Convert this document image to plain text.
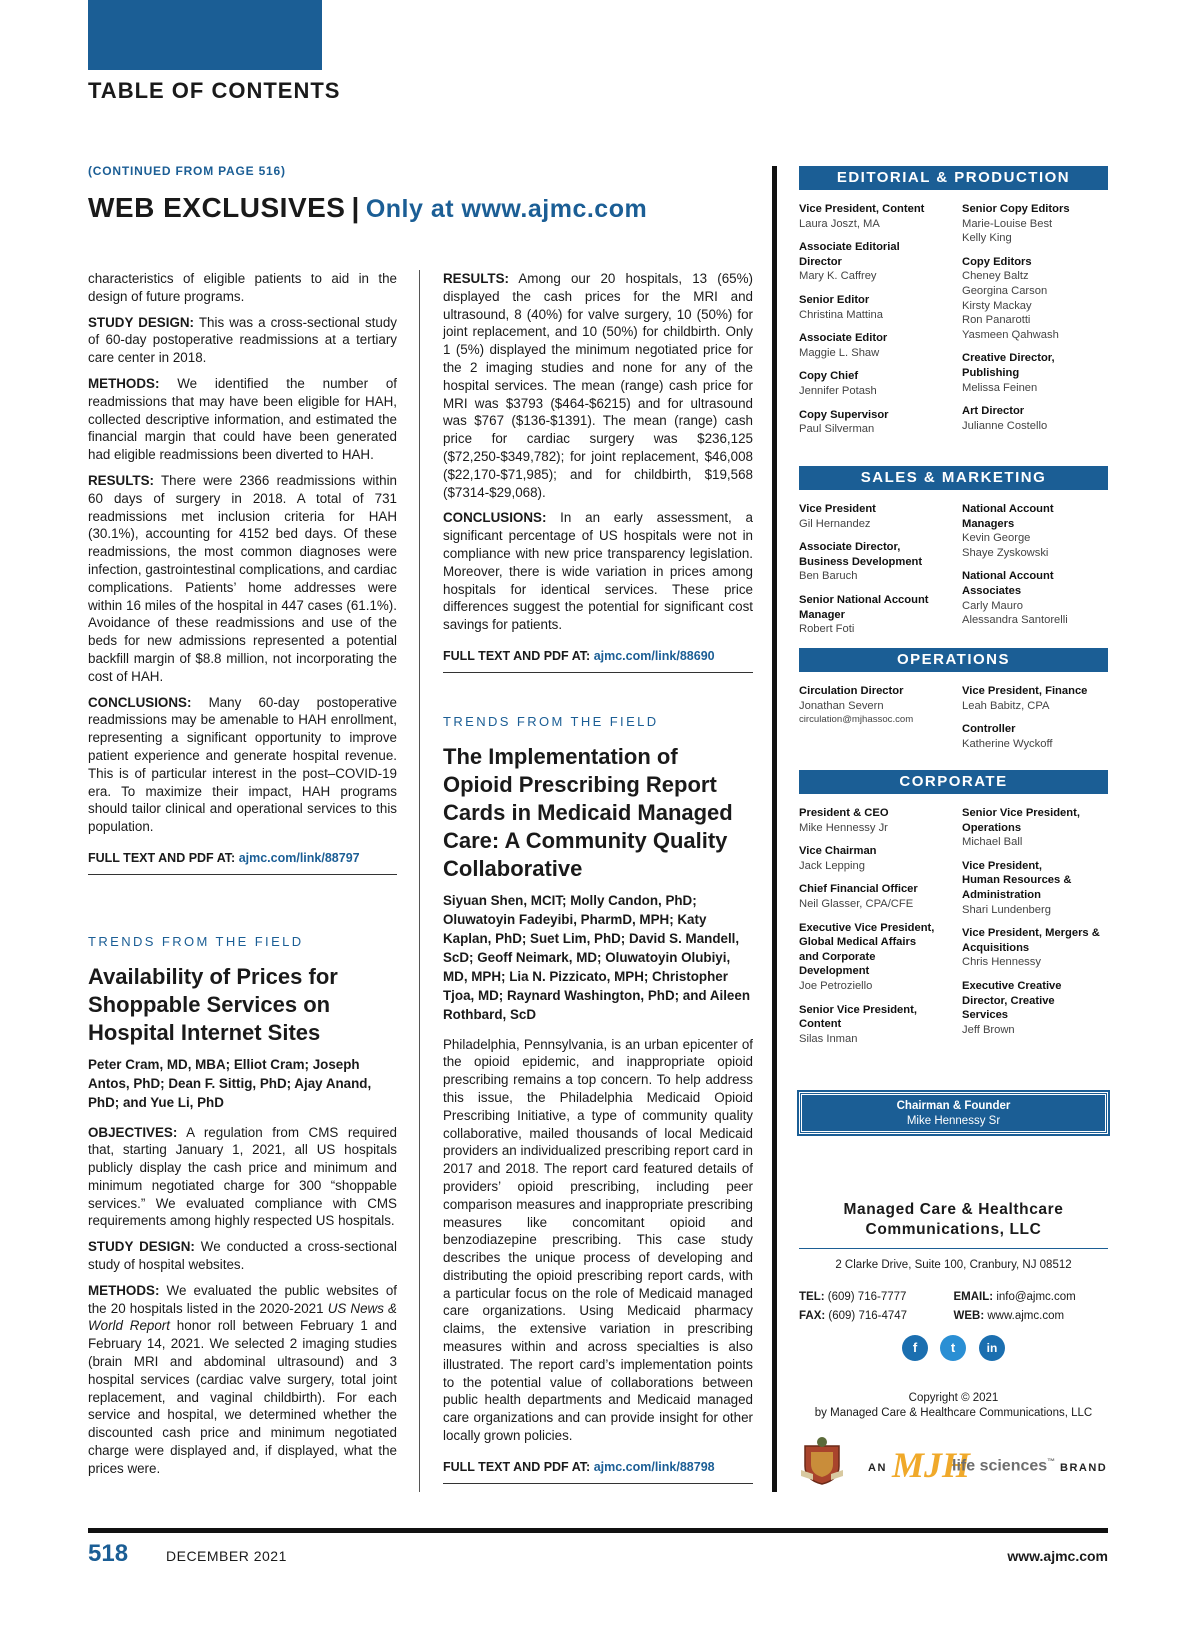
TABLE OF CONTENTS
(CONTINUED FROM PAGE 516)
WEB EXCLUSIVES | Only at www.ajmc.com

characteristics of eligible patients to aid in the design of future programs.

STUDY DESIGN: This was a cross-sectional study of 60-day postoperative readmissions at a tertiary care center in 2018.

METHODS: We identified the number of readmissions that may have been eligible for HAH, collected descriptive information, and estimated the financial margin that could have been generated had eligible readmissions been diverted to HAH.

RESULTS: There were 2366 readmissions within 60 days of surgery in 2018. A total of 731 readmissions met inclusion criteria for HAH (30.1%), accounting for 4152 bed days. Of these readmissions, the most common diagnoses were infection, gastrointestinal complications, and cardiac complications. Patients’ home addresses were within 16 miles of the hospital in 447 cases (61.1%). Avoidance of these readmissions and use of the beds for new admissions represented a potential backfill margin of $8.8 million, not incorporating the cost of HAH.

CONCLUSIONS: Many 60-day postoperative readmissions may be amenable to HAH enrollment, representing a significant opportunity to improve patient experience and generate hospital revenue. This is of particular interest in the post–COVID-19 era. To maximize their impact, HAH programs should tailor clinical and operational services to this population.

FULL TEXT AND PDF AT: ajmc.com/link/88797
TRENDS FROM THE FIELD
Availability of Prices for Shoppable Services on Hospital Internet Sites
Peter Cram, MD, MBA; Elliot Cram; Joseph Antos, PhD; Dean F. Sittig, PhD; Ajay Anand, PhD; and Yue Li, PhD

OBJECTIVES: A regulation from CMS required that, starting January 1, 2021, all US hospitals publicly display the cash price and minimum and minimum negotiated charge for 300 “shoppable services.” We evaluated compliance with CMS requirements among highly respected US hospitals.

STUDY DESIGN: We conducted a cross-sectional study of hospital websites.

METHODS: We evaluated the public websites of the 20 hospitals listed in the 2020-2021 US News & World Report honor roll between February 1 and February 14, 2021. We selected 2 imaging studies (brain MRI and abdominal ultrasound) and 3 hospital services (cardiac valve surgery, total joint replacement, and vaginal childbirth). For each service and hospital, we determined whether the discounted cash price and minimum negotiated charge were displayed and, if displayed, what the prices were.

RESULTS: Among our 20 hospitals, 13 (65%) displayed the cash prices for the MRI and ultrasound, 8 (40%) for valve surgery, 10 (50%) for joint replacement, and 10 (50%) for childbirth. Only 1 (5%) displayed the minimum negotiated price for the 2 imaging studies and none for any of the hospital services. The mean (range) cash price for MRI was $3793 ($464-$6215) and for ultrasound was $767 ($136-$1391). The mean (range) cash price for cardiac surgery was $236,125 ($72,250-$349,782); for joint replacement, $46,008 ($22,170-$71,985); and for childbirth, $19,568 ($7314-$29,068).

CONCLUSIONS: In an early assessment, a significant percentage of US hospitals were not in compliance with new price transparency legislation. Moreover, there is wide variation in prices among hospitals for identical services. These price differences suggest the potential for significant cost savings for patients.

FULL TEXT AND PDF AT: ajmc.com/link/88690
TRENDS FROM THE FIELD
The Implementation of Opioid Prescribing Report Cards in Medicaid Managed Care: A Community Quality Collaborative
Siyuan Shen, MCIT; Molly Candon, PhD; Oluwatoyin Fadeyibi, PharmD, MPH; Katy Kaplan, PhD; Suet Lim, PhD; David S. Mandell, ScD; Geoff Neimark, MD; Oluwatoyin Olubiyi, MD, MPH; Lia N. Pizzicato, MPH; Christopher Tjoa, MD; Raynard Washington, PhD; and Aileen Rothbard, ScD

Philadelphia, Pennsylvania, is an urban epicenter of the opioid epidemic, and inappropriate opioid prescribing remains a top concern. To help address this issue, the Philadelphia Medicaid Opioid Prescribing Initiative, a type of community quality collaborative, mailed thousands of local Medicaid providers an individualized prescribing report card in 2017 and 2018. The report card featured details of providers’ opioid prescribing, including peer comparison measures and inappropriate prescribing measures like concomitant opioid and benzodiazepine prescribing. This case study describes the unique process of developing and distributing the opioid prescribing report cards, with a particular focus on the role of Medicaid managed care organizations. Using Medicaid pharmacy claims, the extensive variation in prescribing measures within and across specialties is also illustrated. The report card’s implementation points to the potential value of collaborations between public health departments and Medicaid managed care organizations and can provide insight for other locally grown policies.

FULL TEXT AND PDF AT: ajmc.com/link/88798
EDITORIAL & PRODUCTION
Vice President, Content
Laura Joszt, MA
Associate Editorial Director
Mary K. Caffrey
Senior Editor
Christina Mattina
Associate Editor
Maggie L. Shaw
Copy Chief
Jennifer Potash
Copy Supervisor
Paul Silverman
Senior Copy Editors
Marie-Louise Best
Kelly King
Copy Editors
Cheney Baltz
Georgina Carson
Kirsty Mackay
Ron Panarotti
Yasmeen Qahwash
Creative Director, Publishing
Melissa Feinen
Art Director
Julianne Costello
SALES & MARKETING
Vice President
Gil Hernandez
Associate Director, Business Development
Ben Baruch
Senior National Account Manager
Robert Foti
National Account Managers
Kevin George
Shaye Zyskowski
National Account Associates
Carly Mauro
Alessandra Santorelli
OPERATIONS
Circulation Director
Jonathan Severn
circulation@mjhassoc.com
Vice President, Finance
Leah Babitz, CPA
Controller
Katherine Wyckoff
CORPORATE
President & CEO
Mike Hennessy Jr
Vice Chairman
Jack Lepping
Chief Financial Officer
Neil Glasser, CPA/CFE
Executive Vice President, Global Medical Affairs and Corporate Development
Joe Petroziello
Senior Vice President, Content
Silas Inman
Senior Vice President, Operations
Michael Ball
Vice President, Human Resources & Administration
Shari Lundenberg
Vice President, Mergers & Acquisitions
Chris Hennessy
Executive Creative Director, Creative Services
Jeff Brown
Chairman & Founder
Mike Hennessy Sr
Managed Care & Healthcare Communications, LLC
2 Clarke Drive, Suite 100, Cranbury, NJ 08512
TEL: (609) 716-7777	EMAIL: info@ajmc.com
FAX: (609) 716-4747	WEB: www.ajmc.com
f	t	in
Copyright © 2021
by Managed Care & Healthcare Communications, LLC
AN MJH
life sciences™
BRAND
518	DECEMBER 2021	www.ajmc.com
